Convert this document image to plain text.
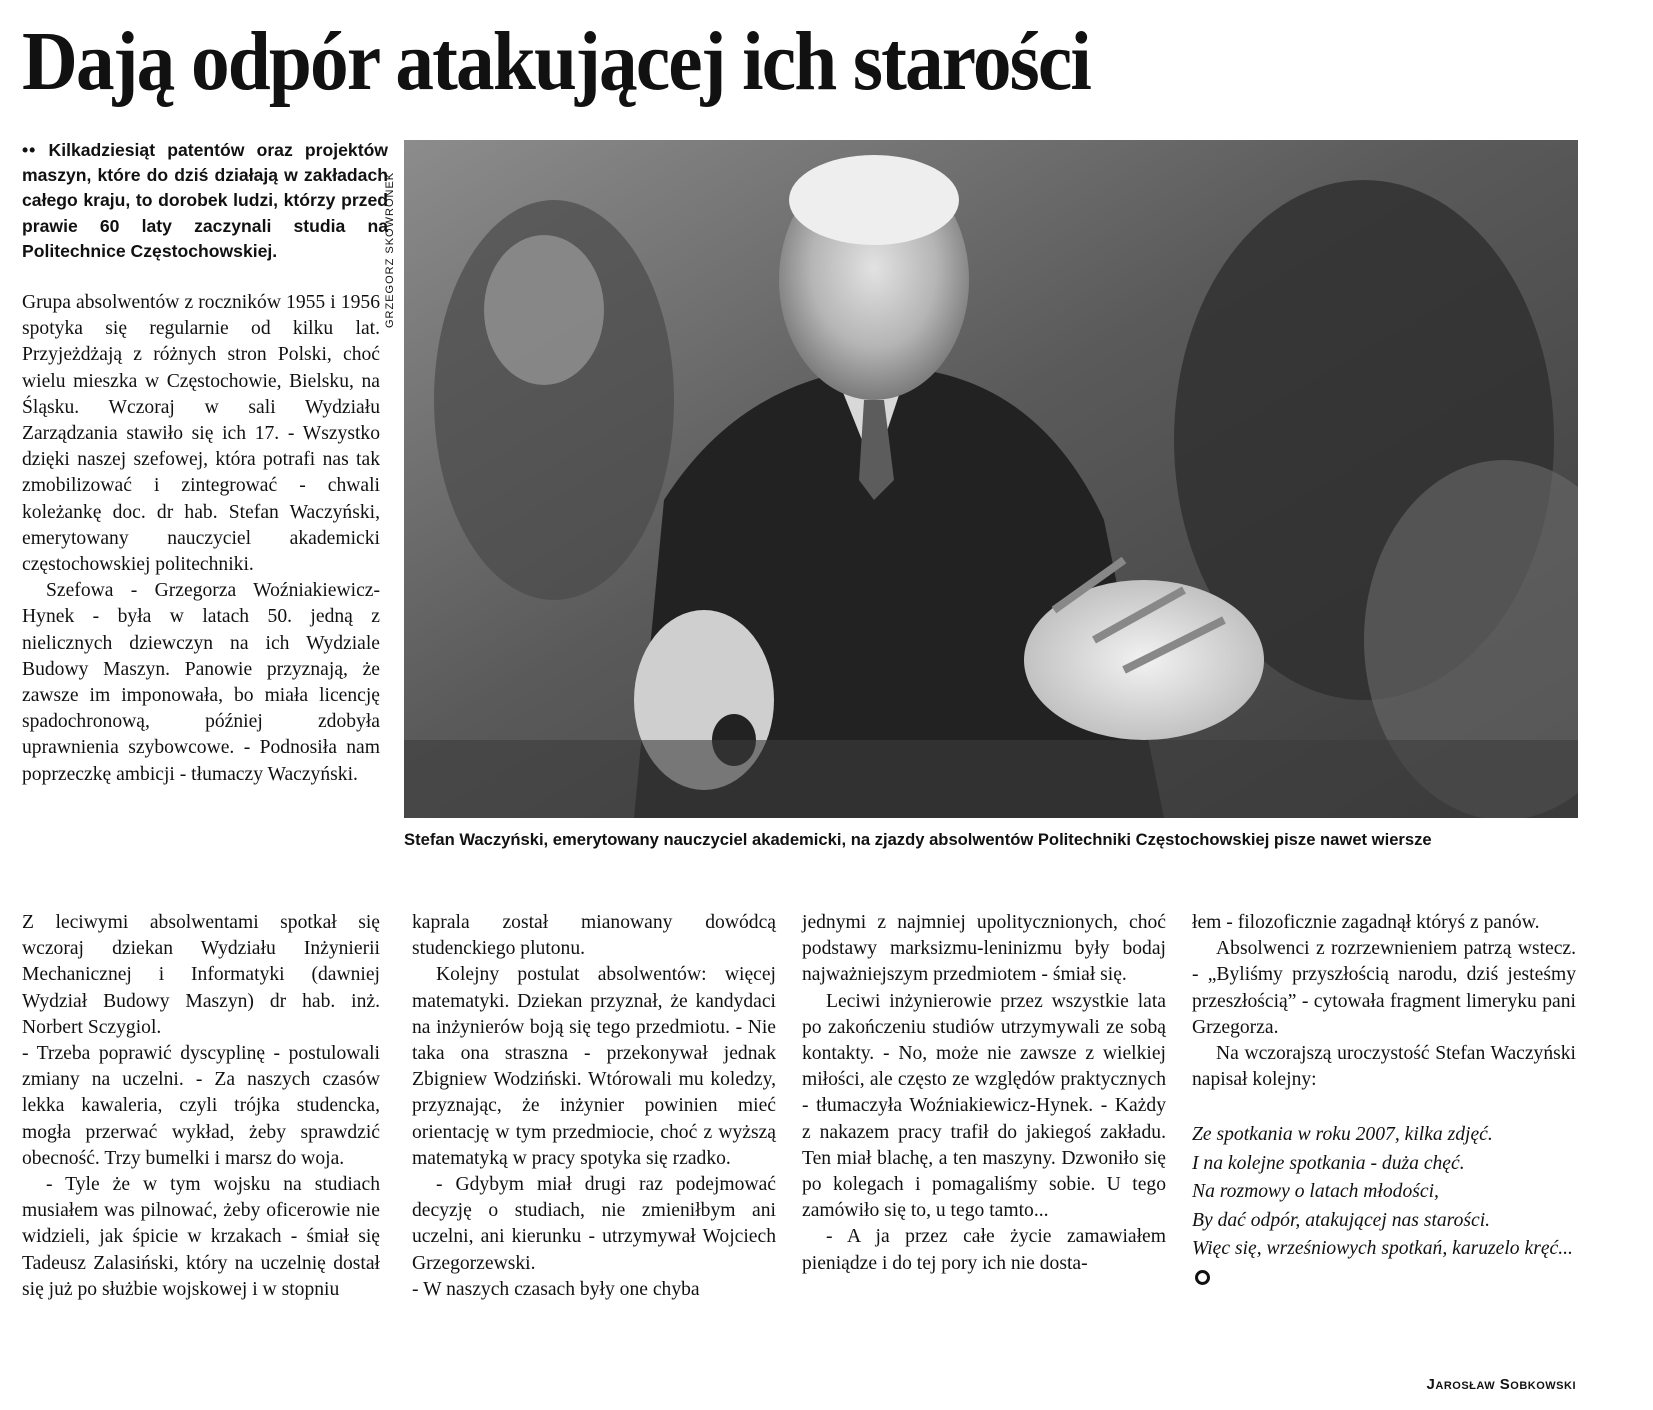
Dają odpór atakującej ich starości

•• Kilkadziesiąt patentów oraz projektów maszyn, które do dziś działają w zakładach całego kraju, to dorobek ludzi, którzy przed prawie 60 laty zaczynali studia na Politechnice Częstochowskiej.	GRZEGORZ SKOWRONEK

Stefan Waczyński, emerytowany nauczyciel akademicki, na zjazdy absolwentów Politechniki Częstochowskiej pisze nawet wiersze

Grupa absolwentów z roczników 1955 i 1956 spotyka się regularnie od kilku lat. Przyjeżdżają z różnych stron Polski, choć wielu mieszka w Częstochowie, Bielsku, na Śląsku. Wczoraj w sali Wydziału Zarządzania stawiło się ich 17. - Wszystko dzięki naszej szefowej, która potrafi nas tak zmobilizować i zintegrować - chwali koleżankę doc. dr hab. Stefan Waczyński, emerytowany nauczyciel akademicki częstochowskiej politechniki.

Szefowa - Grzegorza Woźniakiewicz-Hynek - była w latach 50. jedną z nielicznych dziewczyn na ich Wydziale Budowy Maszyn. Panowie przyznają, że zawsze im imponowała, bo miała licencję spadochronową, później zdobyła uprawnienia szybowcowe. - Podnosiła nam poprzeczkę ambicji - tłumaczy Waczyński.

Z leciwymi absolwentami spotkał się wczoraj dziekan Wydziału Inżynierii Mechanicznej i Informatyki (dawniej Wydział Budowy Maszyn) dr hab. inż. Norbert Sczygiol.

- Trzeba poprawić dyscyplinę - postulowali zmiany na uczelni. - Za naszych czasów lekka kawaleria, czyli trójka studencka, mogła przerwać wykład, żeby sprawdzić obecność. Trzy bumelki i marsz do woja.

- Tyle że w tym wojsku na studiach musiałem was pilnować, żeby oficerowie nie widzieli, jak śpicie w krzakach - śmiał się Tadeusz Zalasiński, który na uczelnię dostał się już po służbie wojskowej i w stopniu

kaprala został mianowany dowódcą studenckiego plutonu.

Kolejny postulat absolwentów: więcej matematyki. Dziekan przyznał, że kandydaci na inżynierów boją się tego przedmiotu. - Nie taka ona straszna - przekonywał jednak Zbigniew Wodziński. Wtórowali mu koledzy, przyznając, że inżynier powinien mieć orientację w tym przedmiocie, choć z wyższą matematyką w pracy spotyka się rzadko.

- Gdybym miał drugi raz podejmować decyzję o studiach, nie zmieniłbym ani uczelni, ani kierunku - utrzymywał Wojciech Grzegorzewski.

- W naszych czasach były one chyba

jednymi z najmniej upolitycznionych, choć podstawy marksizmu-leninizmu były bodaj najważniejszym przedmiotem - śmiał się.

Leciwi inżynierowie przez wszystkie lata po zakończeniu studiów utrzymywali ze sobą kontakty. - No, może nie zawsze z wielkiej miłości, ale często ze względów praktycznych - tłumaczyła Woźniakiewicz-Hynek. - Każdy z nakazem pracy trafił do jakiegoś zakładu. Ten miał blachę, a ten maszyny. Dzwoniło się po kolegach i pomagaliśmy sobie. U tego zamówiło się to, u tego tamto...

- A ja przez całe życie zamawiałem pieniądze i do tej pory ich nie dosta-

łem - filozoficznie zagadnął któryś z panów.

Absolwenci z rozrzewnieniem patrzą wstecz. - „Byliśmy przyszłością narodu, dziś jesteśmy przeszłością” - cytowała fragment limeryku pani Grzegorza.

Na wczorajszą uroczystość Stefan Waczyński napisał kolejny:

Ze spotkania w roku 2007, kilka zdjęć.
I na kolejne spotkania - duża chęć.
Na rozmowy o latach młodości,
By dać odpór, atakującej nas starości.
Więc się, wrześniowych spotkań, karuzelo kręć...

Jarosław Sobkowski
